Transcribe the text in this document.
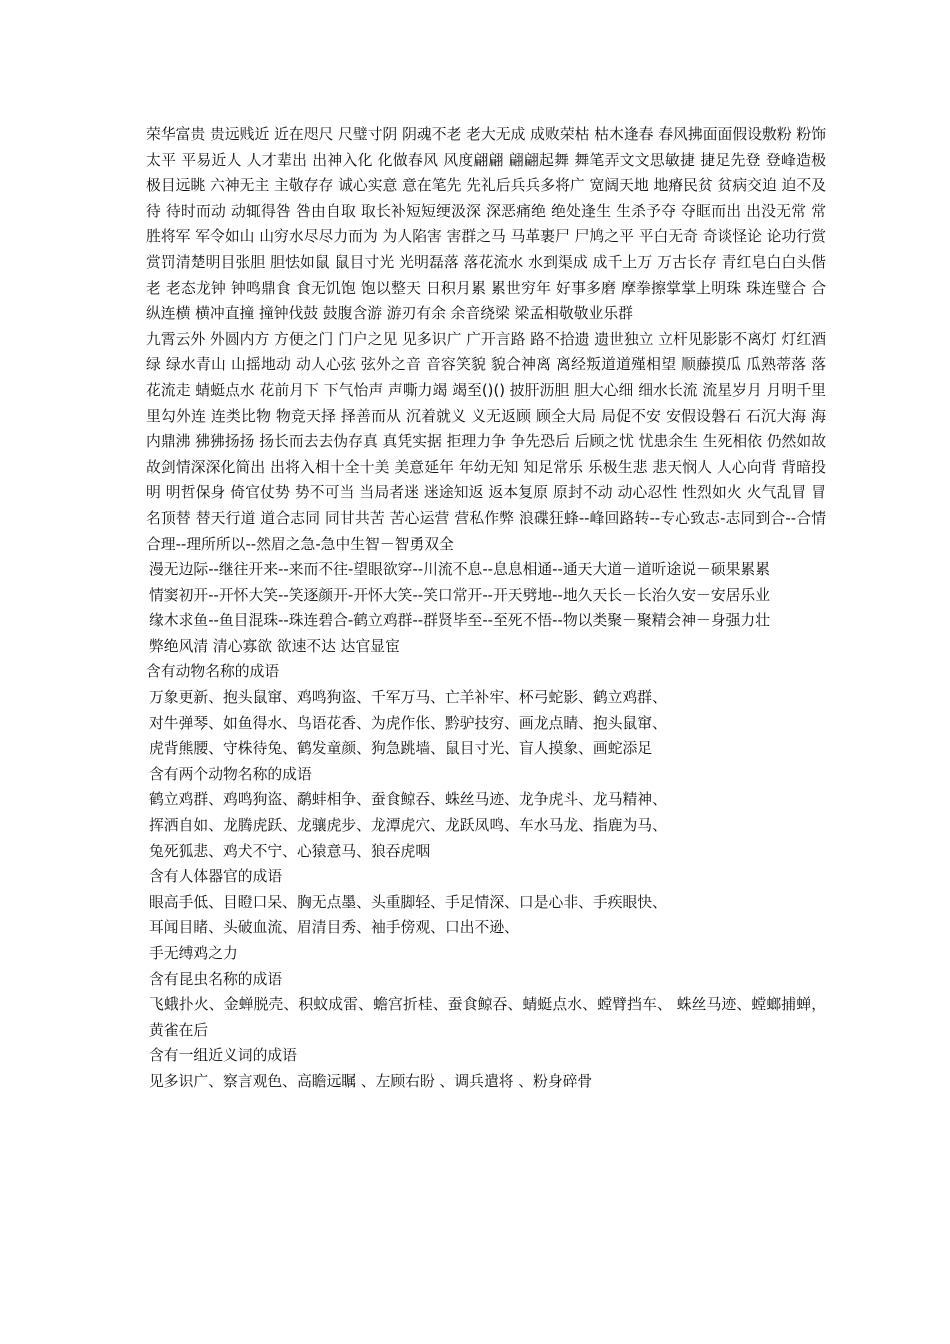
荣华富贵 贵远贱近 近在咫尺 尺璧寸阴 阴魂不老 老大无成 成败荣枯 枯木逢春 春风拂面面假设敷粉 粉饰太平 平易近人 人才辈出 出神入化 化做春风 风度翩翩 翩翩起舞 舞笔弄文文思敏捷 捷足先登 登峰造极 极目远眺 六神无主 主敬存存 诚心实意 意在笔先 先礼后兵兵多将广 宽阔天地 地瘠民贫 贫病交迫 迫不及待 待时而动 动辄得咎 咎由自取 取长补短短绠汲深 深恶痛绝 绝处逢生 生杀予夺 夺眶而出 出没无常 常胜将军 军令如山 山穷水尽尽力而为 为人陷害 害群之马 马革裹尸 尸鸠之平 平白无奇 奇谈怪论 论功行赏 赏罚清楚明目张胆 胆怯如鼠 鼠目寸光 光明磊落 落花流水 水到渠成 成千上万 万古长存 青红皂白白头偕老 老态龙钟 钟鸣鼎食 食无饥饱 饱以整天 日积月累 累世穷年 好事多磨 摩拳擦掌掌上明珠 珠连璧合 合纵连横 横冲直撞 撞钟伐鼓 鼓腹含游 游刃有余 余音绕梁 梁孟相敬敬业乐群

九霄云外 外圆内方 方便之门 门户之见 见多识广 广开言路 路不拾遗 遗世独立 立杆见影影不离灯 灯红酒绿 绿水青山 山摇地动 动人心弦 弦外之音 音容笑貌 貌合神离 离经叛道道殣相望 顺藤摸瓜 瓜熟蒂落 落花流走 蜻蜓点水 花前月下 下气怡声 声嘶力竭 竭至()() 披肝沥胆 胆大心细 细水长流 流星岁月 月明千里 里勾外连 连类比物 物竞天择 择善而从 沉着就义 义无返顾 顾全大局 局促不安 安假设磐石 石沉大海 海内鼎沸 狒狒扬扬 扬长而去去伪存真 真凭实据 拒理力争 争先恐后 后顾之忧 忧患余生 生死相依 仍然如故 故剑情深深化简出 出将入相十全十美 美意延年 年幼无知 知足常乐 乐极生悲 悲天悯人 人心向背 背暗投明 明哲保身 倚官仗势 势不可当 当局者迷 迷途知返 返本复原 原封不动 动心忍性 性烈如火 火气乱冒 冒名顶替 替天行道 道合志同 同甘共苦 苦心运营 营私作弊 浪碟狂蜂--峰回路转--专心致志-志同到合--合情合理--理所所以--然眉之急-急中生智－智勇双全

漫无边际--继往开来--来而不往-望眼欲穿--川流不息--息息相通--通天大道－道听途说－硕果累累

情窦初开--开怀大笑--笑逐颜开-开怀大笑--笑口常开--开天劈地--地久天长－长治久安－安居乐业

缘木求鱼--鱼目混珠--珠连碧合-鹤立鸡群--群贤毕至--至死不悟--物以类聚－聚精会神－身强力壮

弊绝风清 清心寡欲 欲速不达 达官显宦

含有动物名称的成语

万象更新、抱头鼠窜、鸡鸣狗盗、千军万马、亡羊补牢、杯弓蛇影、鹤立鸡群、

对牛弹琴、如鱼得水、鸟语花香、为虎作伥、黔驴技穷、画龙点睛、抱头鼠窜、

虎背熊腰、守株待兔、鹤发童颜、狗急跳墙、鼠目寸光、盲人摸象、画蛇添足

含有两个动物名称的成语

鹤立鸡群、鸡鸣狗盗、鹬蚌相争、蚕食鲸吞、蛛丝马迹、龙争虎斗、龙马精神、

挥洒自如、龙腾虎跃、龙骧虎步、龙潭虎穴、龙跃凤鸣、车水马龙、指鹿为马、

兔死狐悲、鸡犬不宁、心猿意马、狼吞虎咽

含有人体器官的成语

眼高手低、目瞪口呆、胸无点墨、头重脚轻、手足情深、口是心非、手疾眼快、

耳闻目睹、头破血流、眉清目秀、袖手傍观、口出不逊、

手无缚鸡之力

含有昆虫名称的成语

飞蛾扑火、金蝉脱壳、积蚊成雷、蟾宫折桂、蚕食鲸吞、蜻蜓点水、螳臂挡车、 蛛丝马迹、螳螂捕蝉，黄雀在后

含有一组近义词的成语

见多识广、察言观色、高瞻远瞩 、左顾右盼 、调兵遣将 、粉身碎骨
